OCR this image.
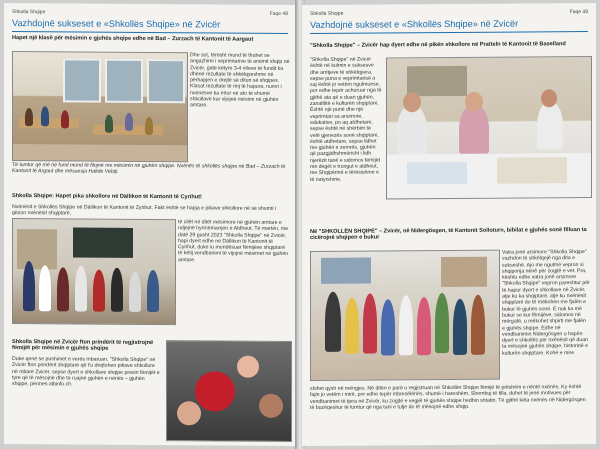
Shkolla Shqipe	Faqe 48
Vazhdojnë sukseset e «Shkollës Shqipe» në Zvicër
Hapet një klasë për mësimin e gjuhës shqipe edhe në Bad – Zurzach të Kantonit të Aargaut
Dhe sot, tërësht mund të thuhet se angazhimi i veprimtarive të arsimit shqip në Zvicër, gatë këtyre 3-4 viteve të fundit ka dhënë rezultate të shkëlqyeshme në përhapjen e drejtë së dituri së shqipes. Klasat rezultate të rinj të hapura, numri i nxënësve ka rritur në ato të shumë shkollave kur vijojnë mësimi në gjuhën amtare.
Të lumtur që më në fund mund të filojnë me mësimin në gjuhën shqipe. Nxënës të shkollës shqipe në Bad – Zurzach të Kantonit të Argaut dhe mësuesja Halide Vebiji.
Shkolla Shqipe: Hapet pika shkollore në Dällikon të Kantonit të Cyrihut!
Nxënësit e Shkollës Shqipe në Dällikon të Kantonit të Zyrihut. Fakt është se hapja e pikave shkollore në së shumti i gëzon nxënësit shqiptarë,
të cilët në ditët mësimore në gjuhën amtare e ndjejnë hyrmëmarrjen e Atdheut. Të martën, me datë 29 gusht 2023 "Shkolla Shqipe" në Zvicër, hapi dyert edhe në Dällikon të Kantonit të Cyrihut, duke iu mundësuar fëmijëve shqiptarë të këtij vendbanimi të vijojnë mësimet në gjuhën amtare.
Shkolla Shqipe në Zvicër fton prindërit të regjistrojnë fëmijët për mësimin e gjuhës shqipe
Duke qenë se pushimet e verës mbaruan, "Shkolla Shqipe" në Zvicër fton prindërit shqiptarë që t'u drejtohen pikave shkollore në mbarë Zvicër, sepse dyert e shkollave shqipe presin fëmijët e tyre që të mësojnë dhe ta ruajnë gjuhën e nënës – gjuhën shqipe, përmes albinfo.ch.
Shkolla Shqipe	Faqe 49
Vazhdojnë sukseset e «Shkollës Shqipe» në Zvicër
"Shkolla Shqipe" – Zvicër hap dyert edhe në pikën shkollore në Pratteln të Kantonit të Baselland
"Shkolla Shqipe" në Zvicër është në kulmin e suksesve dhe arritjeve të shkëlqyera, sepse puna e veprimtarisë a saj është jo vetëm ngulmuese, por edhe tepër achuruar nga të gjithë ata që e duan gjuhën, zanaltlitë e kulturën shqiptare. Është një punë dhe një veprimtari sa arsimore, edukative, po aq atdhetare, sepse është në shërbim të vetë gjenezës sonë shqiptare, është atdhetare, sepse lidhet me gjuhën e zemrës, gjuhën që pazgjidhshmërisht i lidh njerëzit tanë e sidomos fëmijët me degët e trungut e atdheut, me Shqipërinë e tërësishme e të natyrshme.
Në "SHKOLLËN SHQIPE" – Zvicër, në Nidergösgen, të Kantonit Solloturn, bibilat e gjuhës sonë filluan ta cicërojnë shqipen e bukur
Vatra jonë arsimore "Shkolla Shqipe" vazhdon të shkëlqejë nga dita e sukseshë. Ajo me ngulmë vepron si shqiponja nëně për zogjtë e vet. Pra, kështu edhe vatra jonë arsimore "Shkolla Shqipe" vepron pareshtur për të hapur dyert e shkollave në Zvicër, atje ku ka shqiptarë, atje ku nxënësit shqiptarë do të mëkohen me fjalën e bukur të gjuhës sonë. E nuk ka më bukur se kur fëmijëve, sidomos në mërgatë, u mëkohet shpirti me fjalën e gjuhës shqipe. Edhe në vendbanimin Nidergösgen u hapën dyert e shkollës për nxënësit që duan ta mësojnë gjuhën shqipe, historinë e kulturën shqiptare. Kohë e mire
shihet qysh në mëngjes. Në ditën e parë u regjistruan në Shkollën Shqipe fëmijë të pritshëm e nëntë nxënës. Ky është fajin jo vetëm i mirë, por edhe tepër mbresëlënës, shumë i hareshëm. Shembuj të tilla, duhet të jenë motivues për vendbanimet të tjera në Zvicër, ku zogjtë e vegjël të gjuhës shqipe hedhin shtatin. Të gjithë këta nxënës në Nidergösgen të buzëqeshur të lumtur që nga tani e tutje do të mësojnë edhe shqip.
